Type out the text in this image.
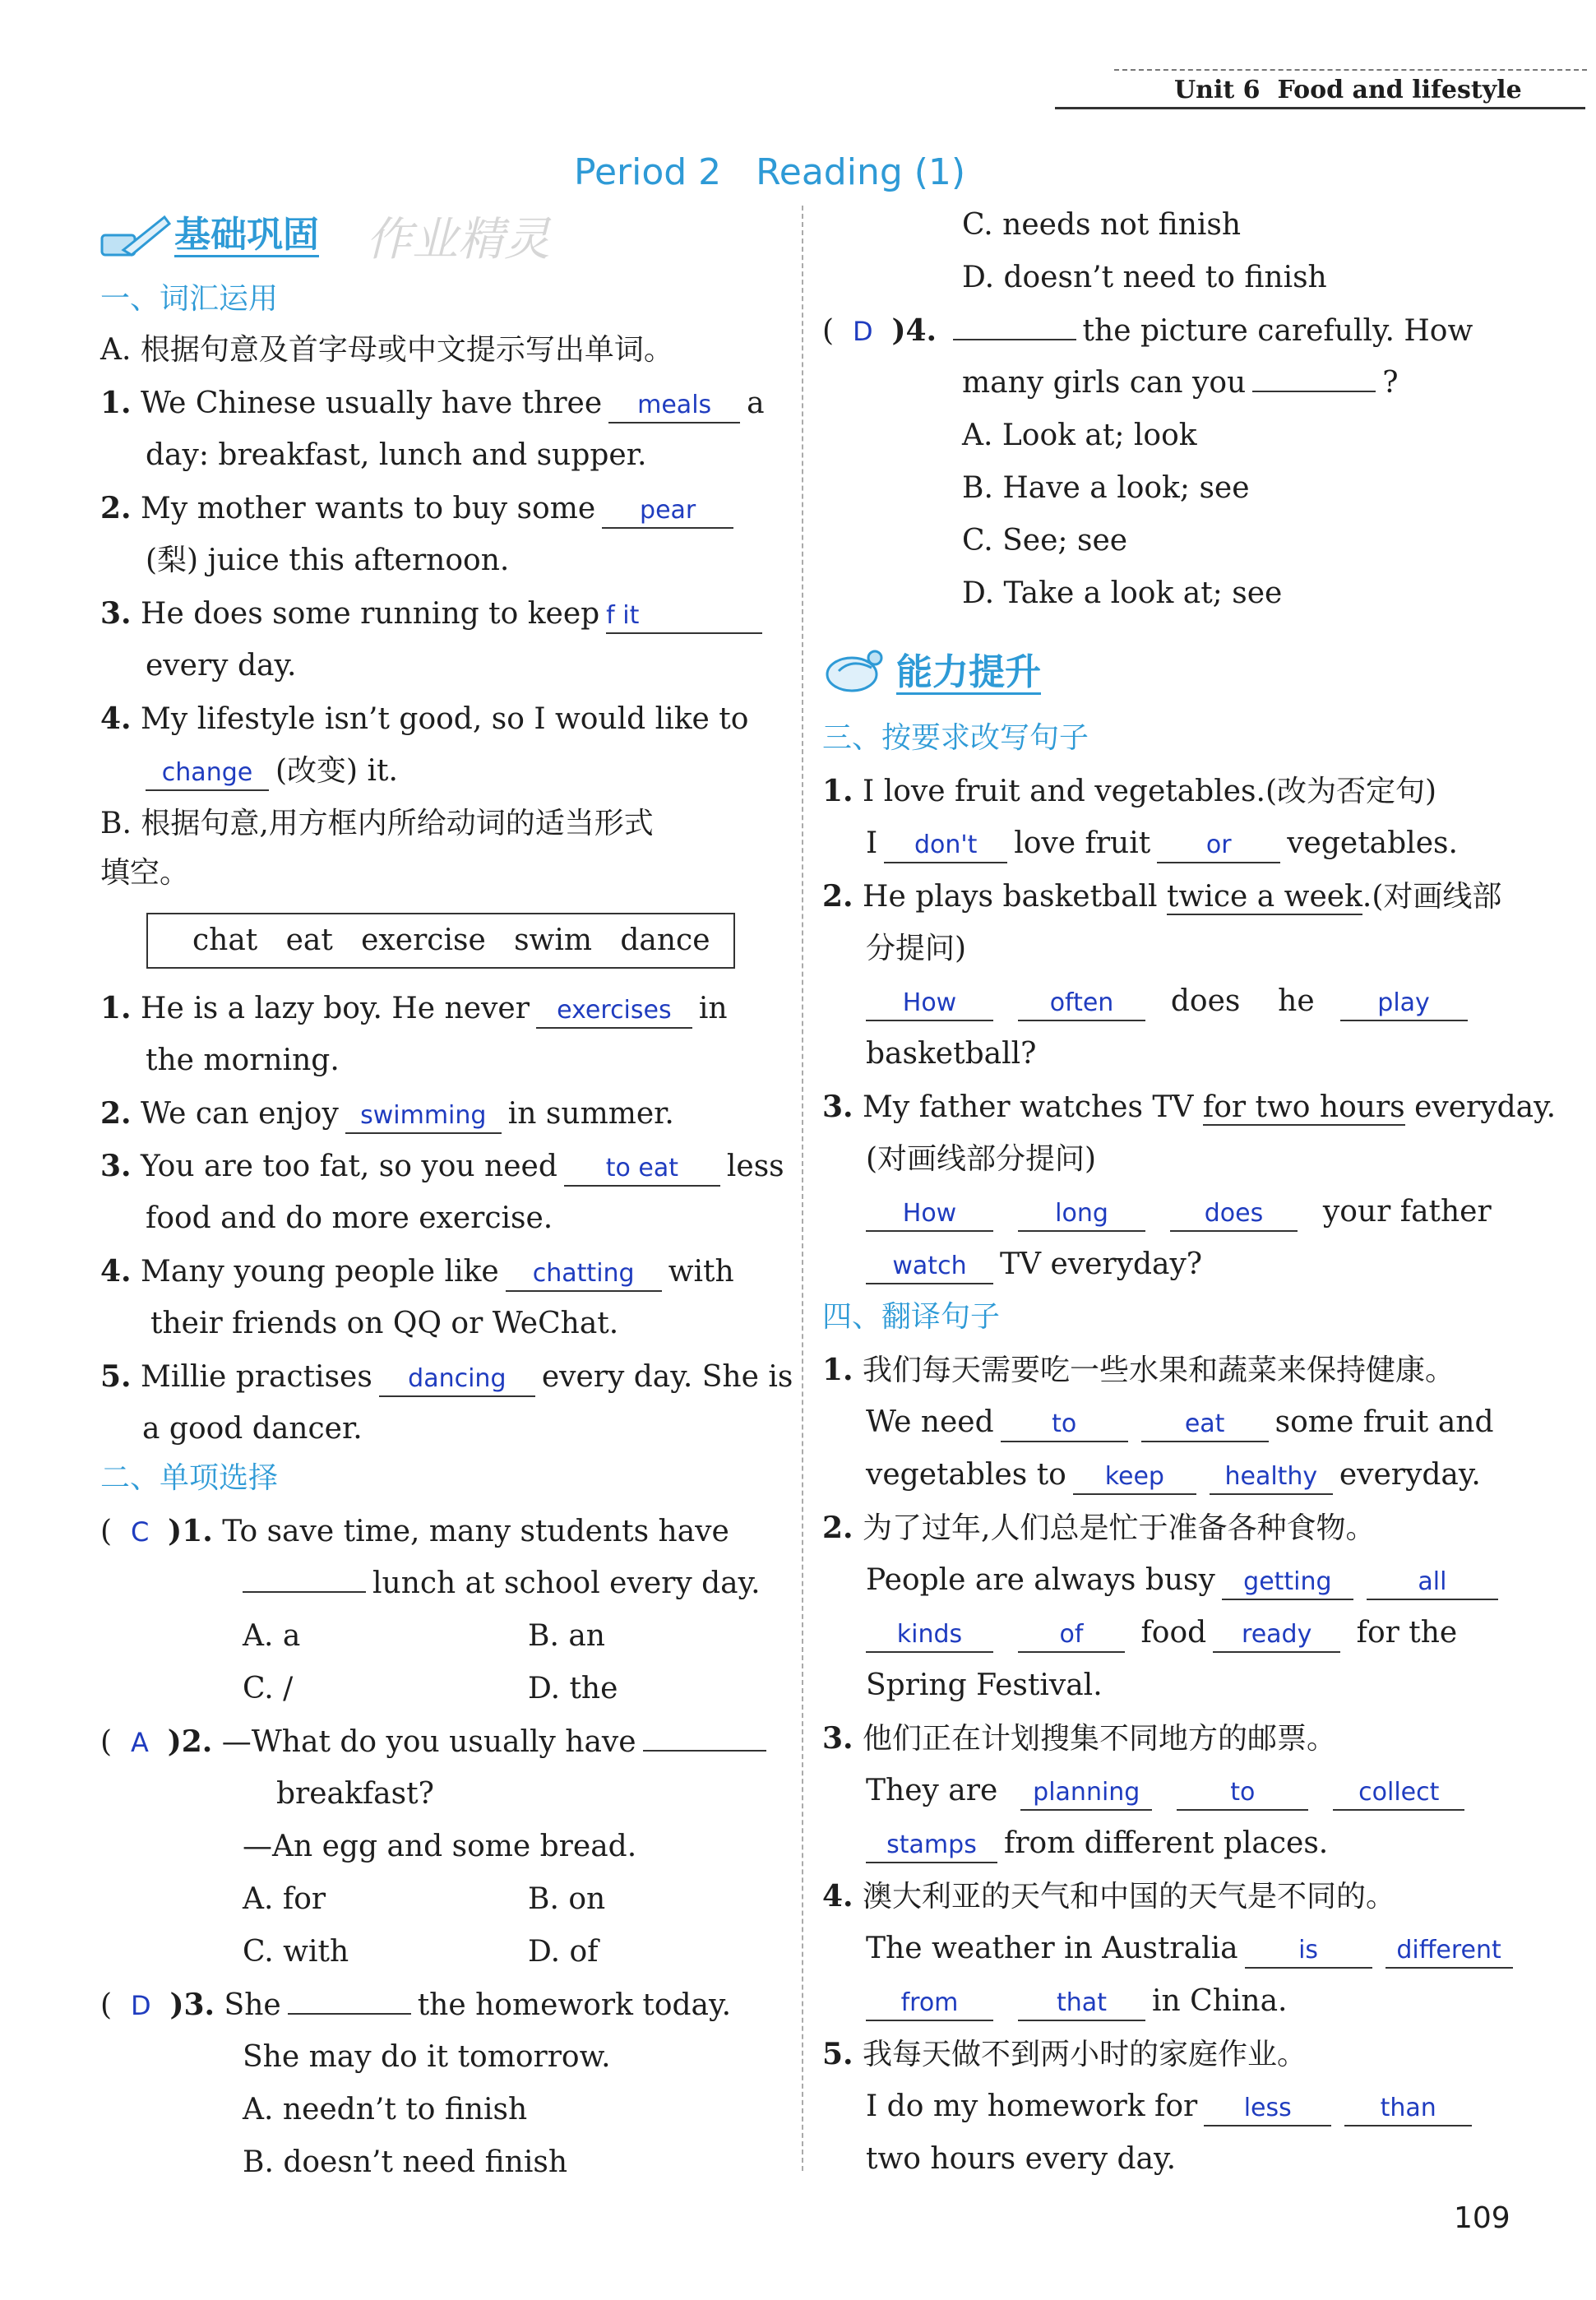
Unit 6 Food and lifestyle
Period 2 Reading (1)
基础巩固 作业精灵
一、词汇运用
A. 根据句意及首字母或中文提示写出单词。
1. We Chinese usually have three meals a
day: breakfast, lunch and supper.
2. My mother wants to buy some pear
(梨) juice this afternoon.
3. He does some running to keep f it
every day.
4. My lifestyle isn’t good, so I would like to
change (改变) it.
B. 根据句意,用方框内所给动词的适当形式
填空。
chat   eat   exercise   swim   dance
1. He is a lazy boy. He never exercises in
the morning.
2. We can enjoy swimming in summer.
3. You are too fat, so you need to eat less
food and do more exercise.
4. Many young people like chatting with
their friends on QQ or WeChat.
5. Millie practises dancing every day. She is
a good dancer.
二、单项选择
(  C )1. To save time, many students have
lunch at school every day.
A. a	B. an
C. /	D. the
(  A )2. —What do you usually have
breakfast?
—An egg and some bread.
A. for	B. on
C. with	D. of
(  D )3. She	the homework today.
She may do it tomorrow.
A. needn’t to finish
B. doesn’t need finish
C. needs not finish
D. doesn’t need to finish
(  D )4.	the picture carefully. How
many girls can you	?
A. Look at; look
B. Have a look; see
C. See; see
D. Take a look at; see
能力提升
三、按要求改写句子
1. I love fruit and vegetables.(改为否定句)
I don't love fruit or vegetables.
2. He plays basketball twice a week.(对画线部
分提问)
How	often does he	play
basketball?
3. My father watches TV for two hours everyday.
(对画线部分提问)
How	long	does your father
watch TV everyday?
四、翻译句子
1. 我们每天需要吃一些水果和蔬菜来保持健康。
We need to	eat some fruit and
vegetables to keep healthy everyday.
2. 为了过年,人们总是忙于准备各种食物。
People are always busy getting	all
kinds	of food ready for the
Spring Festival.
3. 他们正在计划搜集不同地方的邮票。
They are planning	to	collect
stamps from different places.
4. 澳大利亚的天气和中国的天气是不同的。
The weather in Australia is	different
from	that in China.
5. 我每天做不到两小时的家庭作业。
I do my homework for less	than
two hours every day.
109
